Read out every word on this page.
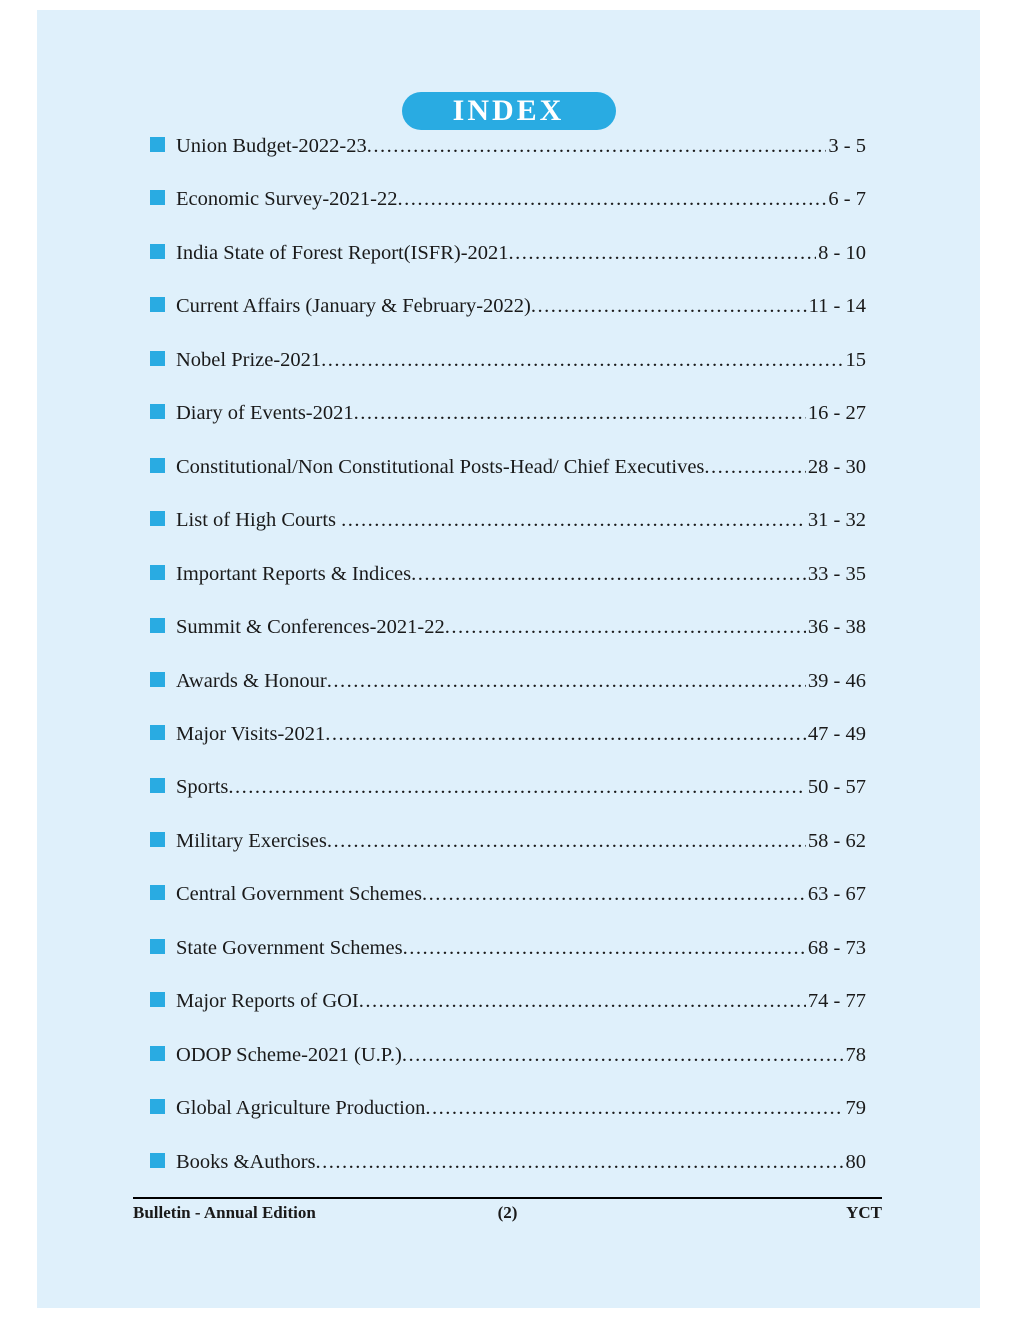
INDEX
Union Budget-2022-23 .....	3 - 5
Economic Survey-2021-22 .....	6 - 7
India State of Forest Report(ISFR)-2021 .....	8 - 10
Current Affairs (January & February-2022) .....	11 - 14
Nobel Prize-2021 .....	15
Diary of Events-2021 .....	16 - 27
Constitutional/Non Constitutional Posts-Head/ Chief Executives .....	28 - 30
List of High Courts .....	31 - 32
Important Reports & Indices .....	33 - 35
Summit & Conferences-2021-22 .....	36 - 38
Awards & Honour .....	39 - 46
Major Visits-2021 .....	47 - 49
Sports .....	50 - 57
Military Exercises .....	58 - 62
Central Government Schemes .....	63 - 67
State Government Schemes .....	68 - 73
Major Reports of GOI .....	74 - 77
ODOP Scheme-2021 (U.P.) .....	78
Global Agriculture Production .....	79
Books &Authors .....	80
Bulletin - Annual Edition	(2)	YCT
